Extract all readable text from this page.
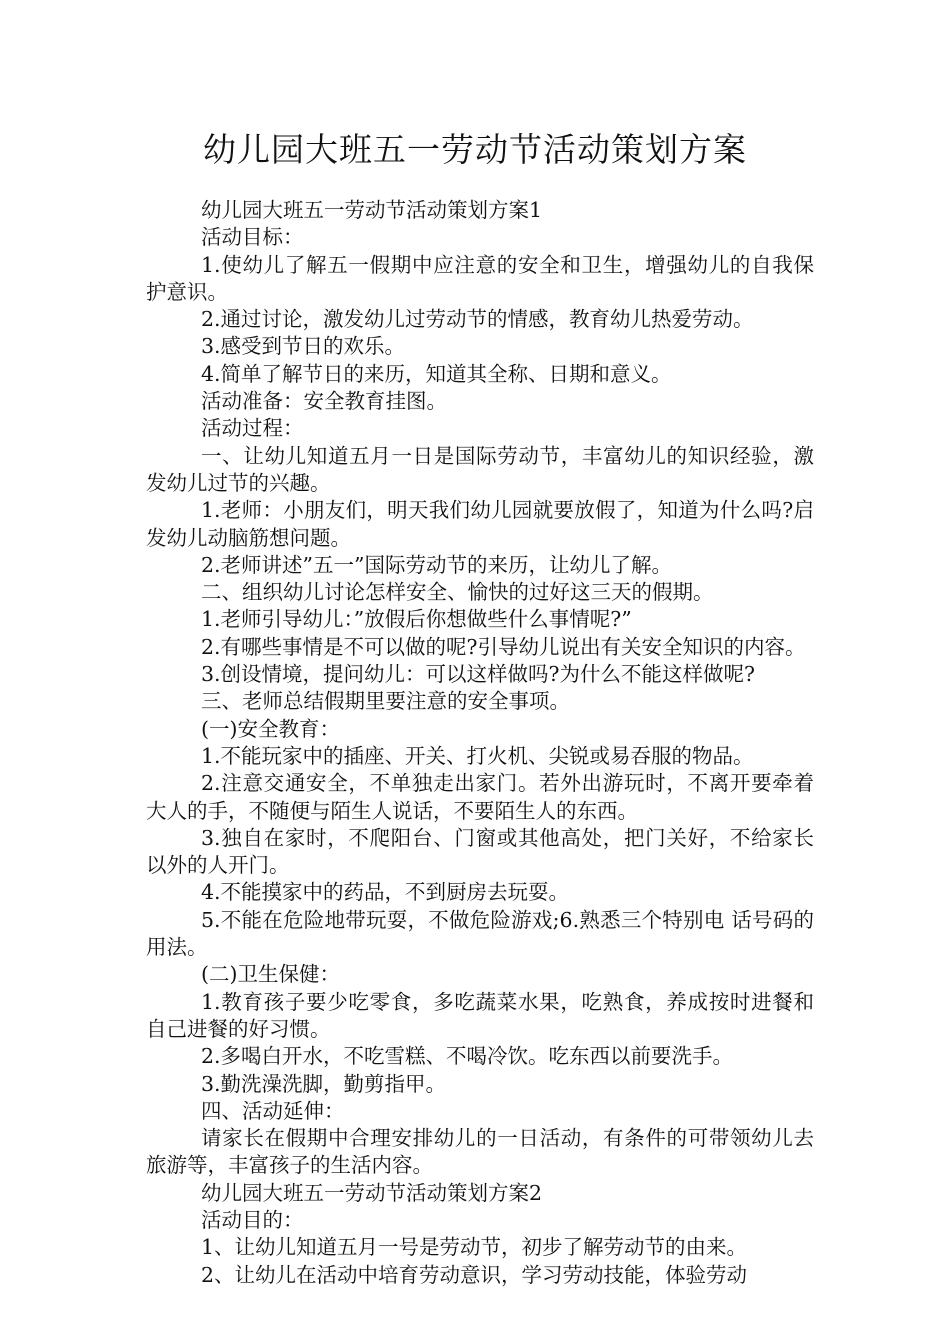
幼儿园大班五一劳动节活动策划方案

幼儿园大班五一劳动节活动策划方案1

活动目标：

1.使幼儿了解五一假期中应注意的安全和卫生，增强幼儿的自我保护意识。

2.通过讨论，激发幼儿过劳动节的情感，教育幼儿热爱劳动。

3.感受到节日的欢乐。

4.简单了解节日的来历，知道其全称、日期和意义。

活动准备：安全教育挂图。

活动过程：

一、让幼儿知道五月一日是国际劳动节，丰富幼儿的知识经验，激发幼儿过节的兴趣。

1.老师：小朋友们，明天我们幼儿园就要放假了，知道为什么吗?启发幼儿动脑筋想问题。

2.老师讲述”五一”国际劳动节的来历，让幼儿了解。

二、组织幼儿讨论怎样安全、愉快的过好这三天的假期。

1.老师引导幼儿：”放假后你想做些什么事情呢?”

2.有哪些事情是不可以做的呢?引导幼儿说出有关安全知识的内容。

3.创设情境，提问幼儿：可以这样做吗?为什么不能这样做呢?

三、老师总结假期里要注意的安全事项。

(一)安全教育：

1.不能玩家中的插座、开关、打火机、尖锐或易吞服的物品。

2.注意交通安全，不单独走出家门。若外出游玩时，不离开要牵着大人的手，不随便与陌生人说话，不要陌生人的东西。

3.独自在家时，不爬阳台、门窗或其他高处，把门关好，不给家长以外的人开门。

4.不能摸家中的药品，不到厨房去玩耍。

5.不能在危险地带玩耍，不做危险游戏;6.熟悉三个特别电 话号码的用法。

(二)卫生保健：

1.教育孩子要少吃零食，多吃蔬菜水果，吃熟食，养成按时进餐和自己进餐的好习惯。

2.多喝白开水，不吃雪糕、不喝冷饮。吃东西以前要洗手。

3.勤洗澡洗脚，勤剪指甲。

四、活动延伸：

请家长在假期中合理安排幼儿的一日活动，有条件的可带领幼儿去旅游等，丰富孩子的生活内容。

幼儿园大班五一劳动节活动策划方案2

活动目的：

1、让幼儿知道五月一号是劳动节，初步了解劳动节的由来。

2、让幼儿在活动中培育劳动意识，学习劳动技能，体验劳动
